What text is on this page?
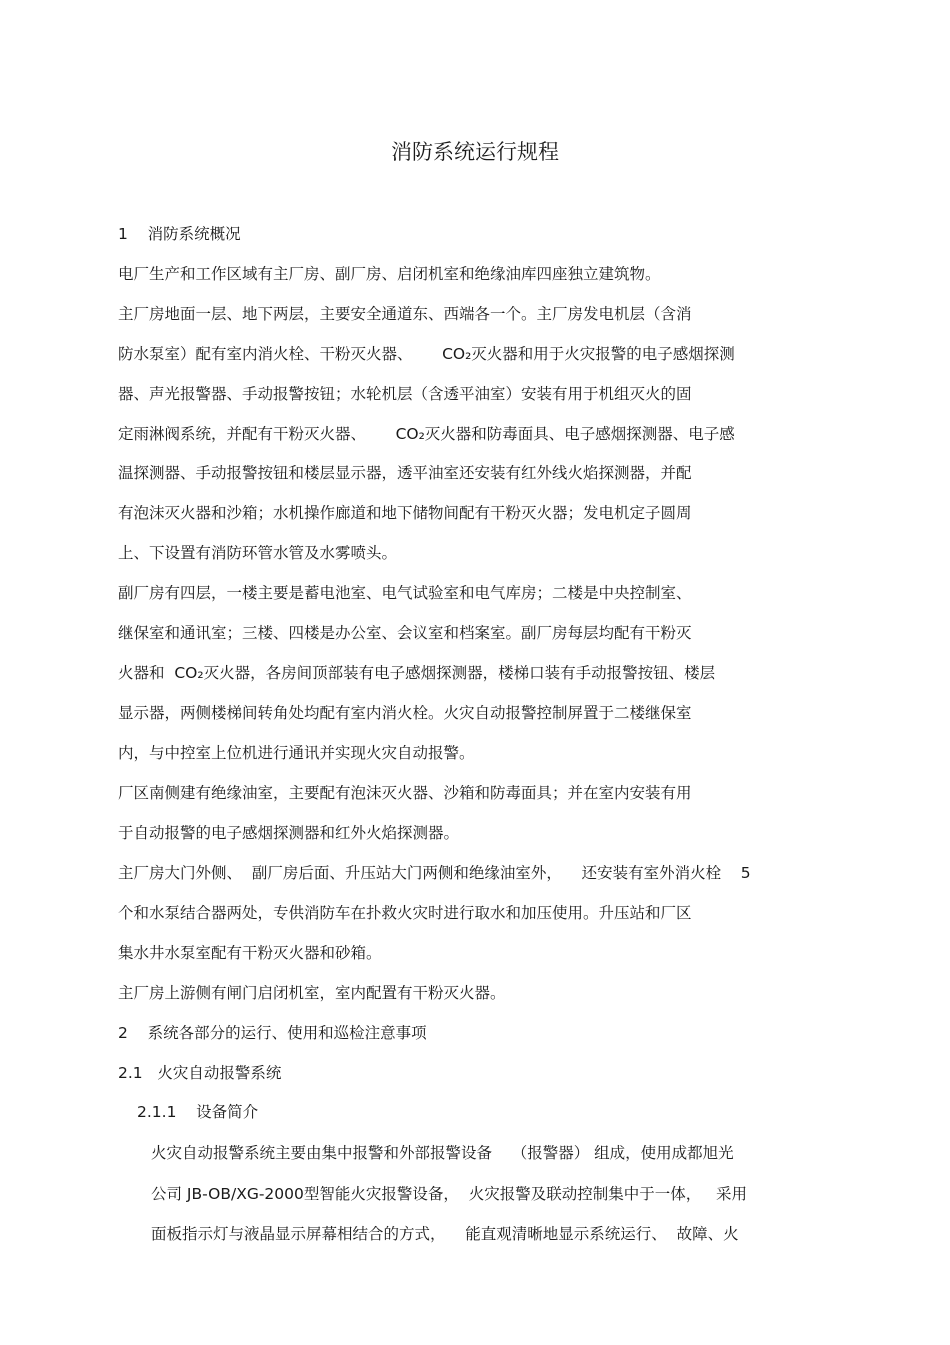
消防系统运行规程
1    消防系统概况
电厂生产和工作区域有主厂房、副厂房、启闭机室和绝缘油库四座独立建筑物。
主厂房地面一层、地下两层，主要安全通道东、西端各一个。主厂房发电机层（含消
防水泵室）配有室内消火栓、干粉灭火器、      CO₂灭火器和用于火灾报警的电子感烟探测
器、声光报警器、手动报警按钮；水轮机层（含透平油室）安装有用于机组灭火的固
定雨淋阀系统，并配有干粉灭火器、      CO₂灭火器和防毒面具、电子感烟探测器、电子感
温探测器、手动报警按钮和楼层显示器，透平油室还安装有红外线火焰探测器，并配
有泡沫灭火器和沙箱；水机操作廊道和地下储物间配有干粉灭火器；发电机定子圆周
上、下设置有消防环管水管及水雾喷头。
副厂房有四层，一楼主要是蓄电池室、电气试验室和电气库房；二楼是中央控制室、
继保室和通讯室；三楼、四楼是办公室、会议室和档案室。副厂房每层均配有干粉灭
火器和  CO₂灭火器，各房间顶部装有电子感烟探测器，楼梯口装有手动报警按钮、楼层
显示器，两侧楼梯间转角处均配有室内消火栓。火灾自动报警控制屏置于二楼继保室
内，与中控室上位机进行通讯并实现火灾自动报警。
厂区南侧建有绝缘油室，主要配有泡沫灭火器、沙箱和防毒面具；并在室内安装有用
于自动报警的电子感烟探测器和红外火焰探测器。
主厂房大门外侧、  副厂房后面、升压站大门两侧和绝缘油室外，    还安装有室外消火栓    5
个和水泵结合器两处，专供消防车在扑救火灾时进行取水和加压使用。升压站和厂区
集水井水泵室配有干粉灭火器和砂箱。
主厂房上游侧有闸门启闭机室，室内配置有干粉灭火器。
2    系统各部分的运行、使用和巡检注意事项
2.1   火灾自动报警系统
2.1.1    设备简介
火灾自动报警系统主要由集中报警和外部报警设备    （报警器） 组成，使用成都旭光
公司 JB-OB/XG-2000型智能火灾报警设备，  火灾报警及联动控制集中于一体，   采用
面板指示灯与液晶显示屏幕相结合的方式，    能直观清晰地显示系统运行、  故障、火
